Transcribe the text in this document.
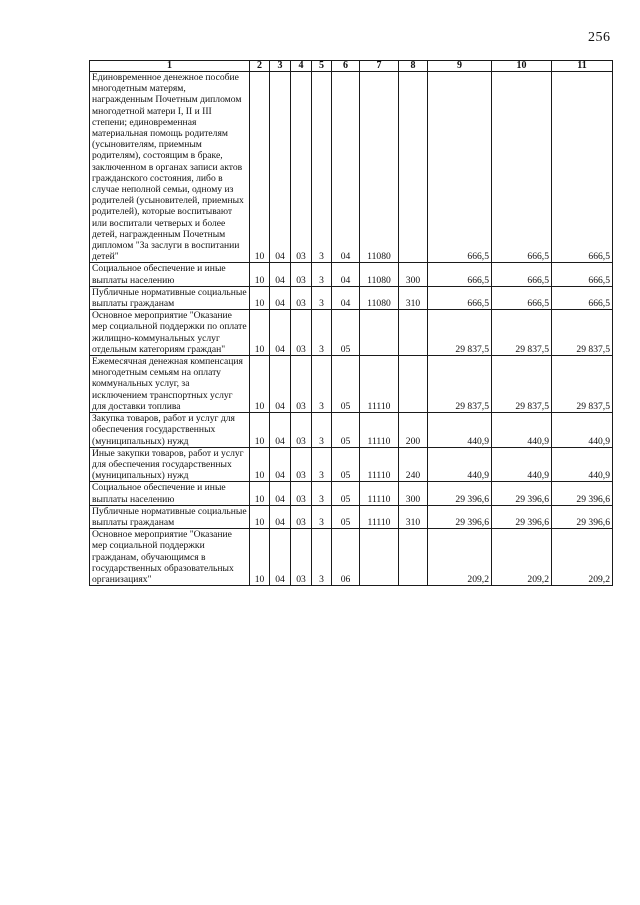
256
1	2	3	4	5	6	7	8	9	10	11

Единовременное денежное пособие многодетным матерям, награжденным Почетным дипломом многодетной матери I, II и III степени; единовременная материальная помощь родителям (усыновителям, приемным родителям), состоящим в браке, заключенном в органах записи актов гражданского состояния, либо в случае неполной семьи, одному из родителей (усыновителей, приемных родителей), которые воспитывают или воспитали четверых и более детей, награжденным Почетным дипломом "За заслуги в воспитании детей"	10	04	03	3	04	11080		666,5	666,5	666,5

Социальное обеспечение и иные выплаты населению	10	04	03	3	04	11080	300	666,5	666,5	666,5

Публичные нормативные социальные выплаты гражданам	10	04	03	3	04	11080	310	666,5	666,5	666,5

Основное мероприятие "Оказание мер социальной поддержки по оплате жилищно-коммунальных услуг отдельным категориям граждан"	10	04	03	3	05			29 837,5	29 837,5	29 837,5

Ежемесячная денежная компенсация многодетным семьям на оплату коммунальных услуг, за исключением транспортных услуг для доставки топлива	10	04	03	3	05	11110		29 837,5	29 837,5	29 837,5

Закупка товаров, работ и услуг для обеспечения государственных (муниципальных) нужд	10	04	03	3	05	11110	200	440,9	440,9	440,9

Иные закупки товаров, работ и услуг для обеспечения государственных (муниципальных) нужд	10	04	03	3	05	11110	240	440,9	440,9	440,9

Социальное обеспечение и иные выплаты населению	10	04	03	3	05	11110	300	29 396,6	29 396,6	29 396,6

Публичные нормативные социальные выплаты гражданам	10	04	03	3	05	11110	310	29 396,6	29 396,6	29 396,6

Основное мероприятие "Оказание мер социальной поддержки гражданам, обучающимся в государственных образовательных организациях"	10	04	03	3	06			209,2	209,2	209,2
